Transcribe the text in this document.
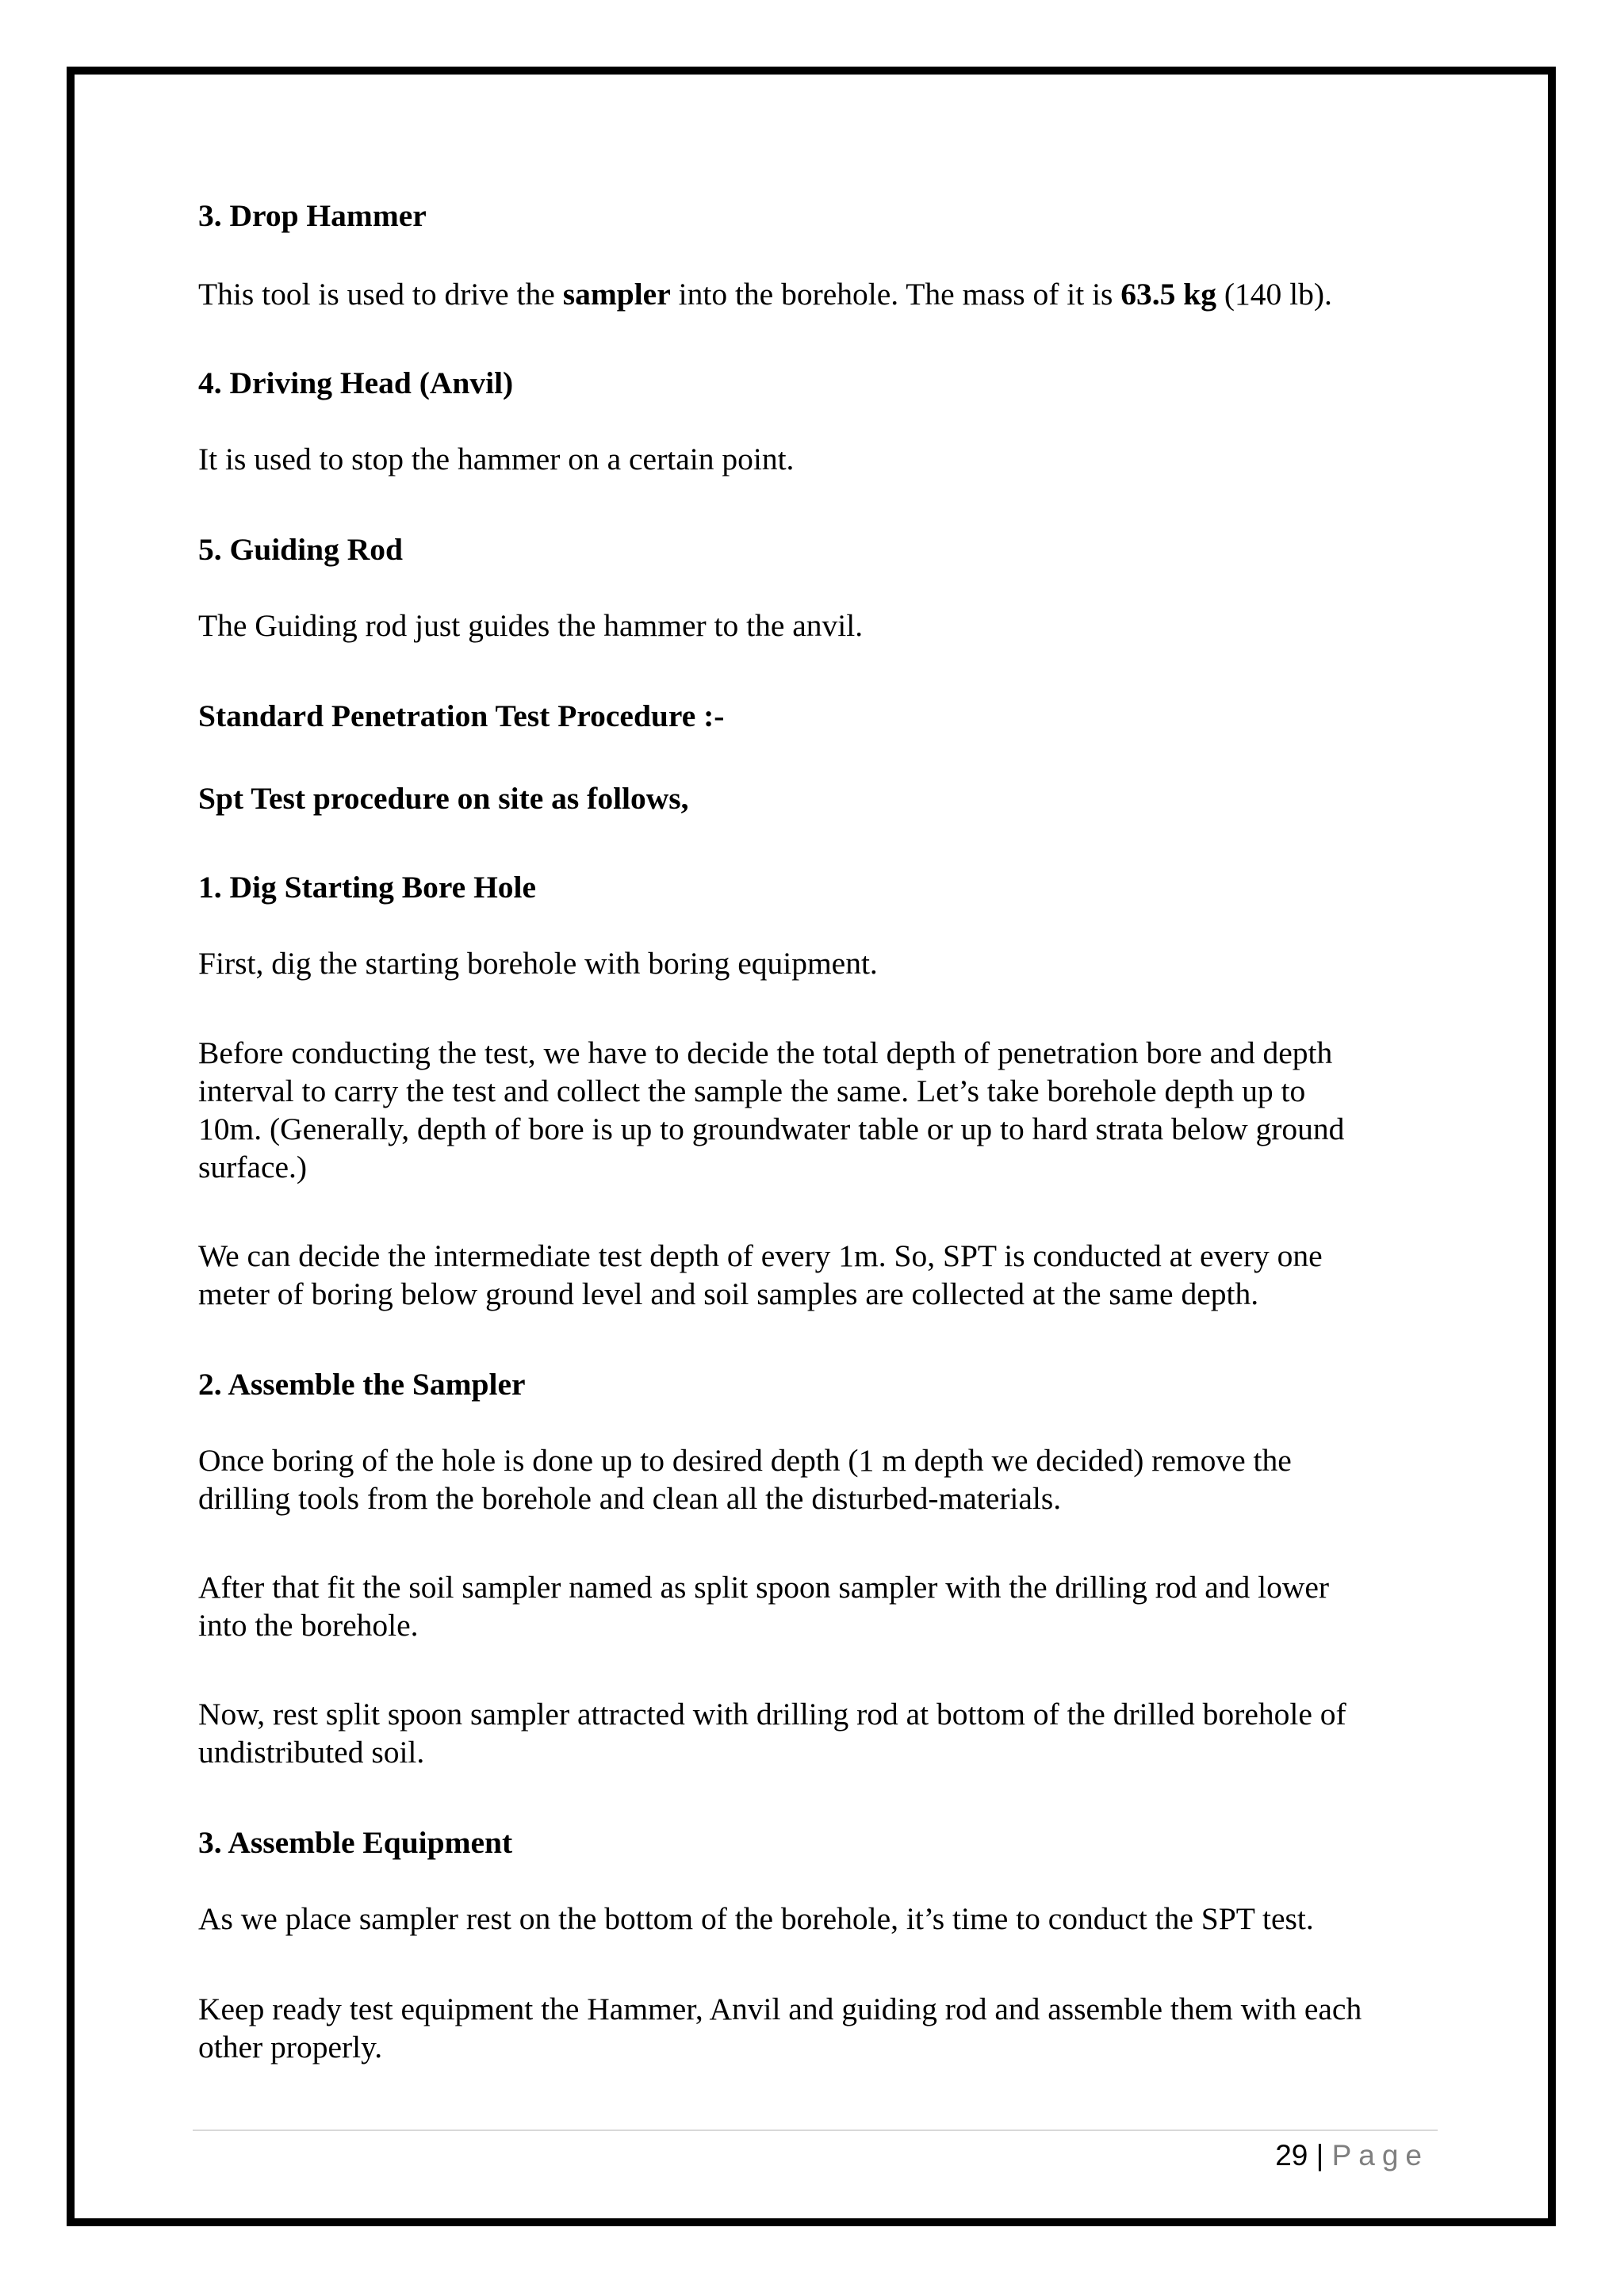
3. Drop Hammer

This tool is used to drive the sampler into the borehole. The mass of it is 63.5 kg (140 lb).

4. Driving Head (Anvil)

It is used to stop the hammer on a certain point.

5. Guiding Rod

The Guiding rod just guides the hammer to the anvil.

Standard Penetration Test Procedure :-

Spt Test procedure on site as follows,

1. Dig Starting Bore Hole

First, dig the starting borehole with boring equipment.

Before conducting the test, we have to decide the total depth of penetration bore and depth
interval to carry the test and collect the sample the same. Let’s take borehole depth up to
10m. (Generally, depth of bore is up to groundwater table or up to hard strata below ground
surface.)

We can decide the intermediate test depth of every 1m. So, SPT is conducted at every one
meter of boring below ground level and soil samples are collected at the same depth.

2. Assemble the Sampler

Once boring of the hole is done up to desired depth (1 m depth we decided) remove the
drilling tools from the borehole and clean all the disturbed-materials.

After that fit the soil sampler named as split spoon sampler with the drilling rod and lower
into the borehole.

Now, rest split spoon sampler attracted with drilling rod at bottom of the drilled borehole of
undistributed soil.

3. Assemble Equipment

As we place sampler rest on the bottom of the borehole, it’s time to conduct the SPT test.

Keep ready test equipment the Hammer, Anvil and guiding rod and assemble them with each
other properly.

29 | Page
